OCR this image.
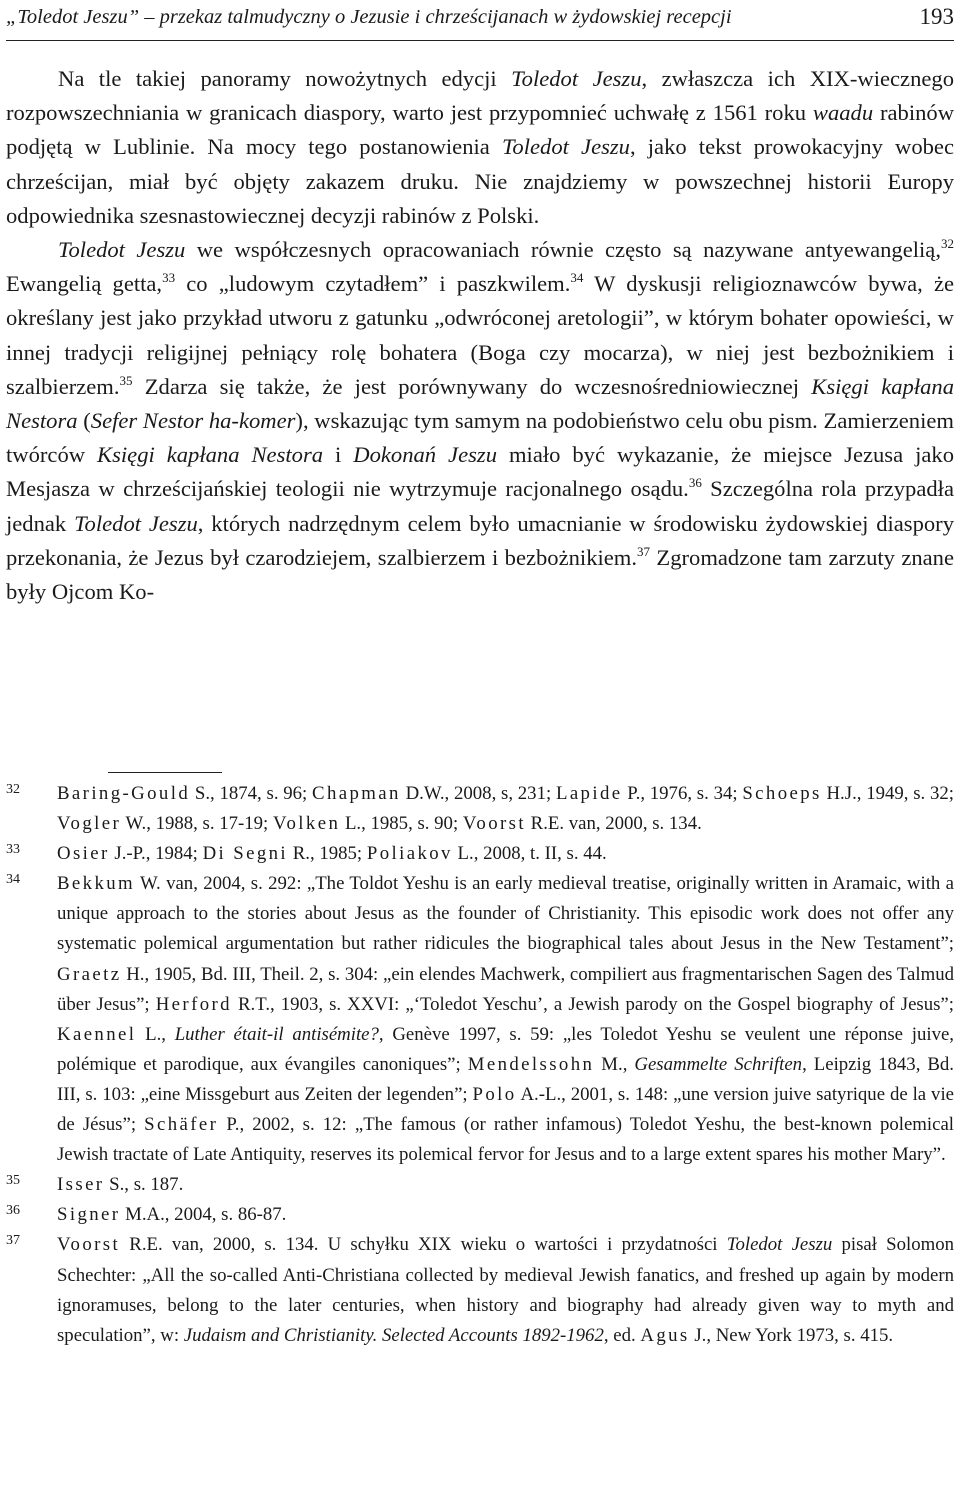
„Toledot Jeszu” – przekaz talmudyczny o Jezusie i chrześcijanach w żydowskiej recepcji	193

Na tle takiej panoramy nowożytnych edycji Toledot Jeszu, zwłaszcza ich XIX-wiecznego rozpowszechniania w granicach diaspory, warto jest przypomnieć uchwałę z 1561 roku waadu rabinów podjętą w Lublinie. Na mocy tego postanowienia Toledot Jeszu, jako tekst prowokacyjny wobec chrześcijan, miał być objęty zakazem druku. Nie znajdziemy w powszechnej historii Europy odpowiednika szesnastowiecznej decyzji rabinów z Polski.

Toledot Jeszu we współczesnych opracowaniach równie często są nazywane antyewangelią,$^{32}$ Ewangelią getta,$^{33}$ co „ludowym czytadłem” i paszkwilem.$^{34}$ W dyskusji religioznawców bywa, że określany jest jako przykład utworu z gatunku „odwróconej aretologii”, w którym bohater opowieści, w innej tradycji religijnej pełniący rolę bohatera (Boga czy mocarza), w niej jest bezbożnikiem i szalbierzem.$^{35}$ Zdarza się także, że jest porównywany do wczesnośredniowiecznej Księgi kapłana Nestora (Sefer Nestor ha-komer), wskazując tym samym na podobieństwo celu obu pism. Zamierzeniem twórców Księgi kapłana Nestora i Dokonań Jeszu miało być wykazanie, że miejsce Jezusa jako Mesjasza w chrześcijańskiej teologii nie wytrzymuje racjonalnego osądu.$^{36}$ Szczególna rola przypadła jednak Toledot Jeszu, których nadrzędnym celem było umacnianie w środowisku żydowskiej diaspory przekonania, że Jezus był czarodziejem, szalbierzem i bezbożnikiem.$^{37}$ Zgromadzone tam zarzuty znane były Ojcom Ko-

32 Baring-Gould S., 1874, s. 96; Chapman D.W., 2008, s, 231; Lapide P., 1976, s. 34; Schoeps H.J., 1949, s. 32; Vogler W., 1988, s. 17-19; Volken L., 1985, s. 90; Voorst R.E. van, 2000, s. 134.
33 Osier J.-P., 1984; Di Segni R., 1985; Poliakov L., 2008, t. II, s. 44.
34 Bekkum W. van, 2004, s. 292: „The Toldot Yeshu is an early medieval treatise, originally written in Aramaic, with a unique approach to the stories about Jesus as the founder of Christianity. This episodic work does not offer any systematic polemical argumentation but rather ridicules the biographical tales about Jesus in the New Testament”; Graetz H., 1905, Bd. III, Theil. 2, s. 304: „ein elendes Machwerk, compiliert aus fragmentarischen Sagen des Talmud über Jesus”; Herford R.T., 1903, s. XXVI: „‘Toledot Yeschu’, a Jewish parody on the Gospel biography of Jesus”; Kaennel L., Luther était-il antisémite?, Genève 1997, s. 59: „les Toledot Yeshu se veulent une réponse juive, polémique et parodique, aux évangiles canoniques”; Mendelssohn M., Gesammelte Schriften, Leipzig 1843, Bd. III, s. 103: „eine Missgeburt aus Zeiten der legenden”; Polo A.-L., 2001, s. 148: „une version juive satyrique de la vie de Jésus”; Schäfer P., 2002, s. 12: „The famous (or rather infamous) Toledot Yeshu, the best-known polemical Jewish tractate of Late Antiquity, reserves its polemical fervor for Jesus and to a large extent spares his mother Mary”.
35 Isser S., s. 187.
36 Signer M.A., 2004, s. 86-87.
37 Voorst R.E. van, 2000, s. 134. U schyłku XIX wieku o wartości i przydatności Toledot Jeszu pisał Solomon Schechter: „All the so-called Anti-Christiana collected by medieval Jewish fanatics, and freshed up again by modern ignoramuses, belong to the later centuries, when history and biography had already given way to myth and speculation”, w: Judaism and Christianity. Selected Accounts 1892-1962, ed. Agus J., New York 1973, s. 415.
